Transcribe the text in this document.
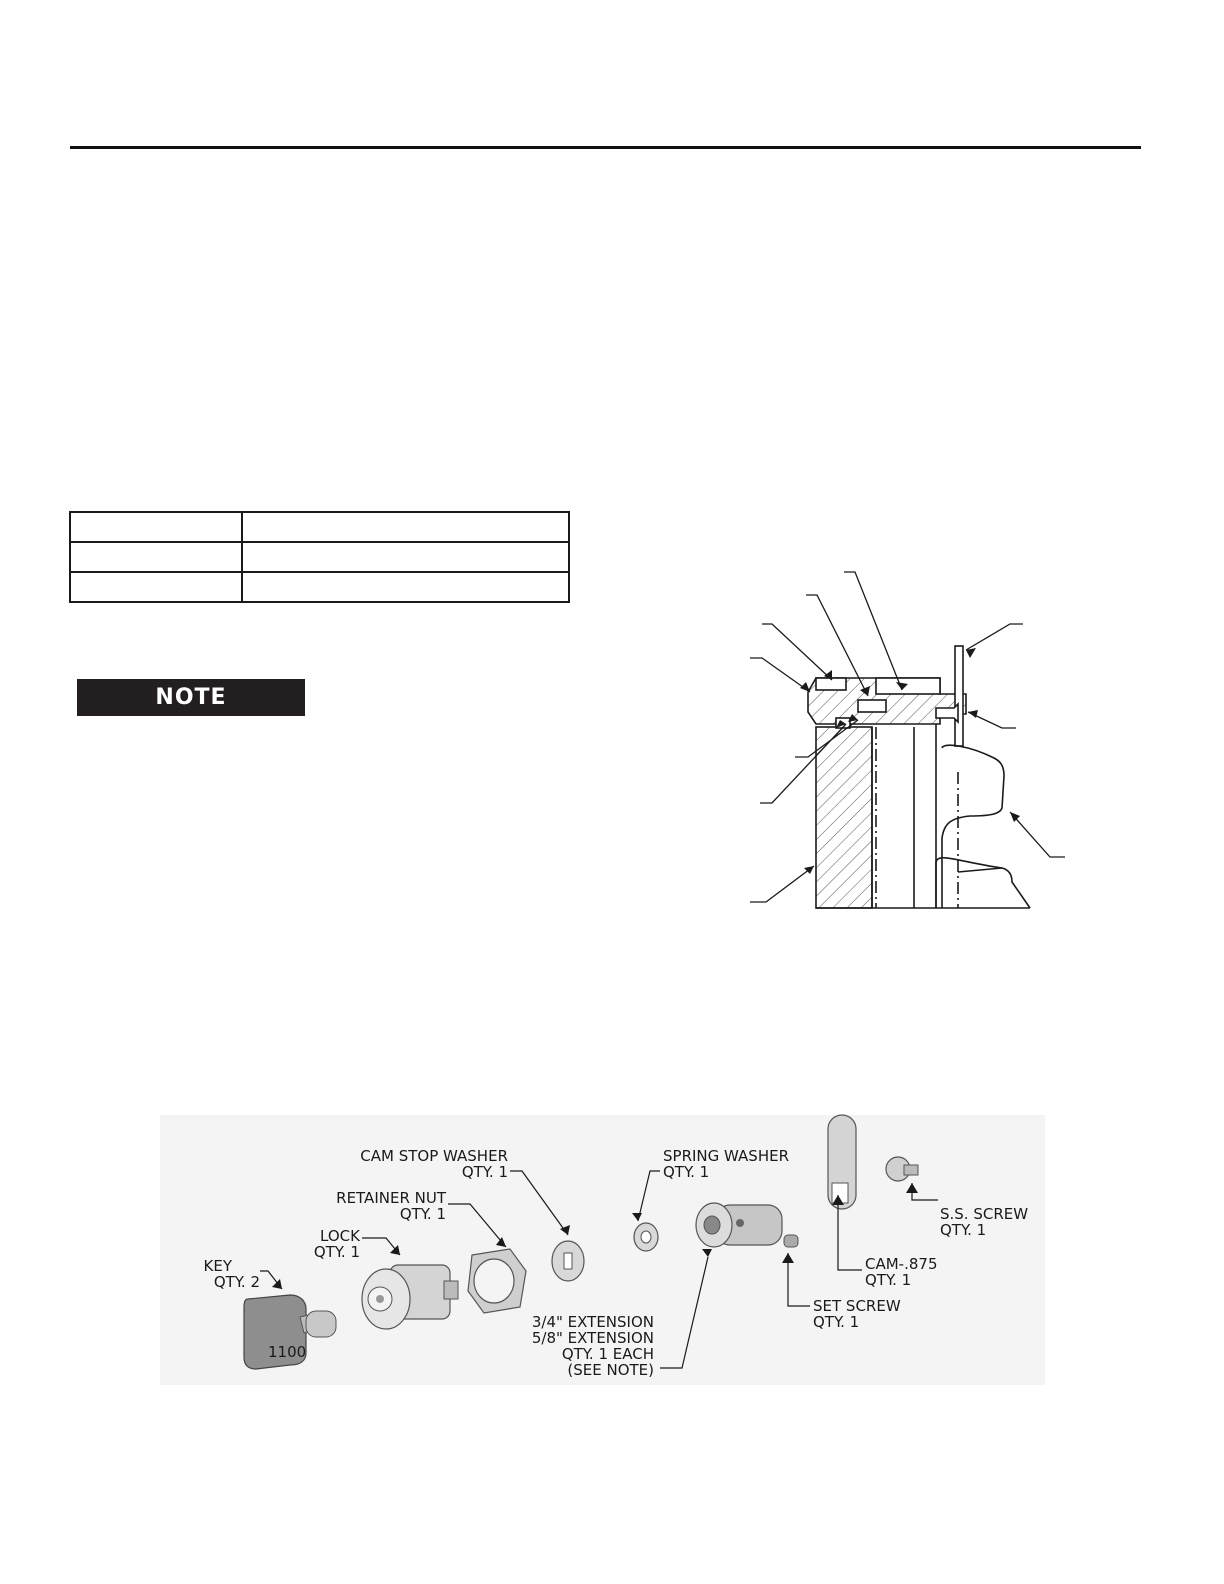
NOTE
1100
CAM STOP WASHER
QTY. 1
SPRING WASHER
QTY. 1
RETAINER NUT
QTY. 1
LOCK
QTY. 1
KEY
QTY. 2
3/4" EXTENSION
5/8" EXTENSION
QTY. 1 EACH
(SEE NOTE)
CAM-.875
QTY. 1
SET SCREW
QTY. 1
S.S. SCREW
QTY. 1
